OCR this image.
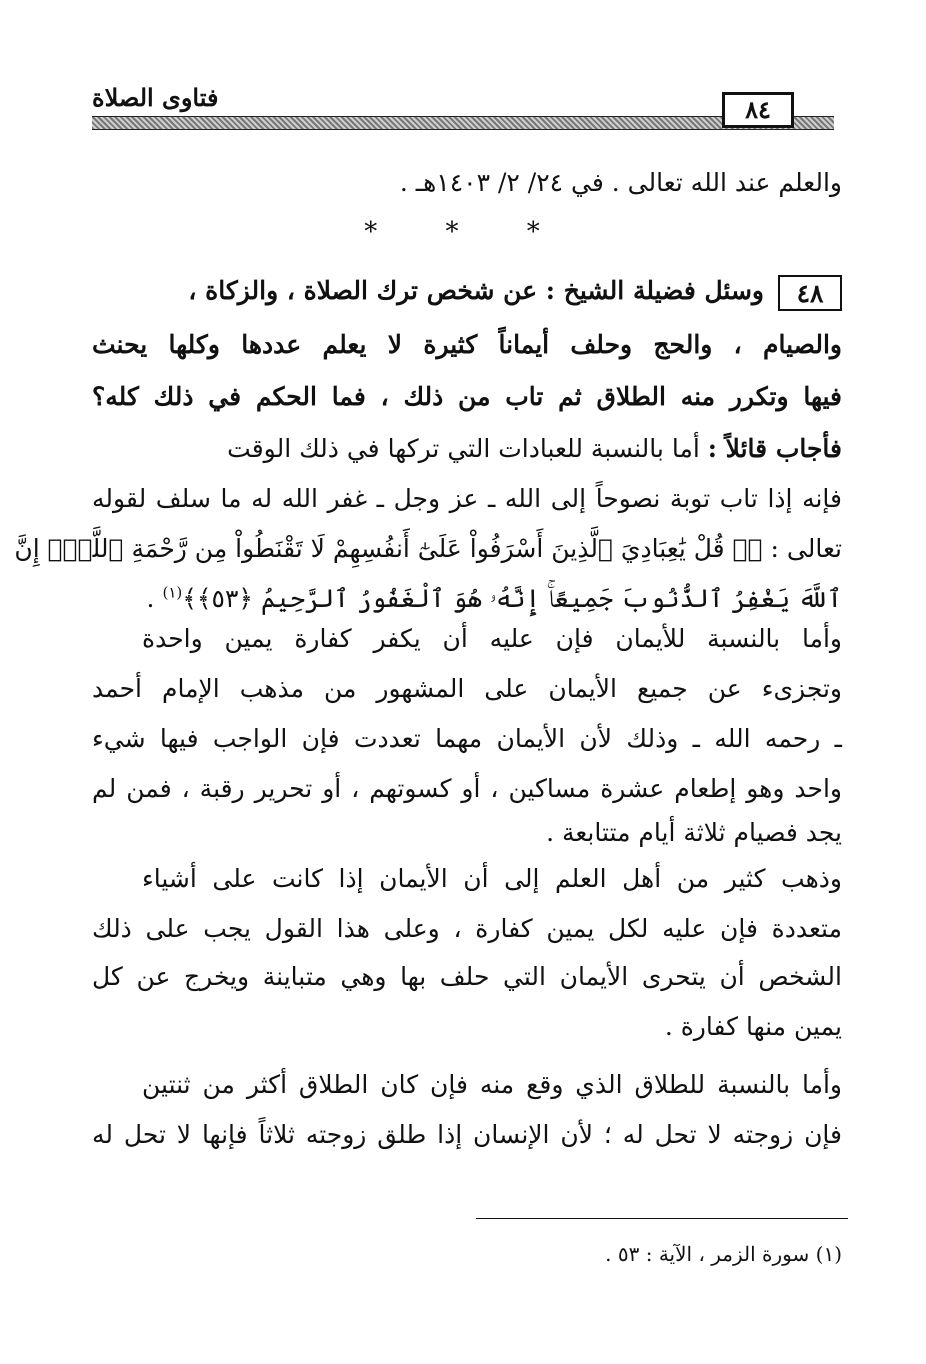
فتاوى الصلاة	٨٤
والعلم عند الله تعالى . في ٢٤/ ٢/ ١٤٠٣هـ .
* * *
٤٨وسئل فضيلة الشيخ : عن شخص ترك الصلاة ، والزكاة ،
والصيام ، والحج وحلف أيماناً كثيرة لا يعلم عددها وكلها يحنث
فيها وتكرر منه الطلاق ثم تاب من ذلك ، فما الحكم في ذلك كله؟
فأجاب قائلاً : أما بالنسبة للعبادات التي تركها في ذلك الوقت
فإنه إذا تاب توبة نصوحاً إلى الله ـ عز وجل ـ غفر الله له ما سلف لقوله
تعالى : ﴿۞ قُلْ يَٰعِبَادِيَ ٱلَّذِينَ أَسْرَفُواْ عَلَىٰٓ أَنفُسِهِمْ لَا تَقْنَطُواْ مِن رَّحْمَةِ ٱللَّهِۚ إِنَّ
ٱللَّهَ يَغْفِرُ ٱلذُّنُوبَ جَمِيعًاۚ إِنَّهُۥ هُوَ ٱلْغَفُورُ ٱلرَّحِيمُ ﴿٥٣﴾﴾$^{(١)}$ .
وأما بالنسبة للأيمان فإن عليه أن يكفر كفارة يمين واحدة
وتجزىء عن جميع الأيمان على المشهور من مذهب الإمام أحمد
ـ رحمه الله ـ وذلك لأن الأيمان مهما تعددت فإن الواجب فيها شيء
واحد وهو إطعام عشرة مساكين ، أو كسوتهم ، أو تحرير رقبة ، فمن لم
يجد فصيام ثلاثة أيام متتابعة .
وذهب كثير من أهل العلم إلى أن الأيمان إذا كانت على أشياء
متعددة فإن عليه لكل يمين كفارة ، وعلى هذا القول يجب على ذلك
الشخص أن يتحرى الأيمان التي حلف بها وهي متباينة ويخرج عن كل
يمين منها كفارة .
وأما بالنسبة للطلاق الذي وقع منه فإن كان الطلاق أكثر من ثنتين
فإن زوجته لا تحل له ؛ لأن الإنسان إذا طلق زوجته ثلاثاً فإنها لا تحل له
(١) سورة الزمر ، الآية : ٥٣ .
